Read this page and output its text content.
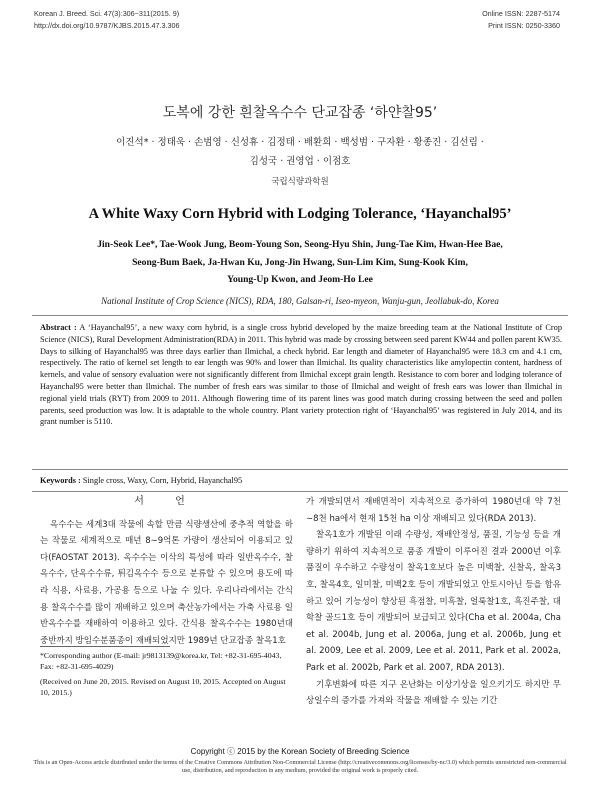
Korean J. Breed. Sci. 47(3):306~311(2015. 9)
http://dx.doi.org/10.9787/KJBS.2015.47.3.306
Online ISSN: 2287-5174
Print ISSN: 0250-3360
도복에 강한 흰찰옥수수 단교잡종 ‘하얀찰95’
이진석* · 정태욱 · 손범영 · 신성휴 · 김정태 · 배환희 · 백성범 · 구자환 · 황종진 · 김선림 ·
김성국 · 권영업 · 이점호
국립식량과학원
A White Waxy Corn Hybrid with Lodging Tolerance, ‘Hayanchal95’
Jin-Seok Lee*, Tae-Wook Jung, Beom-Young Son, Seong-Hyu Shin, Jung-Tae Kim, Hwan-Hee Bae,
Seong-Bum Baek, Ja-Hwan Ku, Jong-Jin Hwang, Sun-Lim Kim, Sung-Kook Kim,
Young-Up Kwon, and Jeom-Ho Lee
National Institute of Crop Science (NICS), RDA, 180, Galsan-ri, Iseo-myeon, Wanju-gun, Jeollabuk-do, Korea
Abstract : A ‘Hayanchal95’, a new waxy corn hybrid, is a single cross hybrid developed by the maize breeding team at the National Institute of Crop Science (NICS), Rural Development Administration(RDA) in 2011. This hybrid was made by crossing between seed parent KW44 and pollen parent KW35. Days to silking of Hayanchal95 was three days earlier than Ilmichal, a check hybrid. Ear length and diameter of Hayanchal95 were 18.3 cm and 4.1 cm, respectively. The ratio of kernel set length to ear length was 90% and lower than Ilmichal. Its quality characteristics like amylopectin content, hardness of kernels, and value of sensory evaluation were not significantly different from Ilmichal except grain length. Resistance to corn borer and lodging tolerance of Hayanchal95 were better than Ilmichal. The number of fresh ears was similar to those of Ilmichal and weight of fresh ears was lower than Ilmichal in regional yield trials (RYT) from 2009 to 2011. Although flowering time of its parent lines was good match during crossing between the seed and pollen parents, seed production was low. It is adaptable to the whole country. Plant variety protection right of ‘Hayanchal95’ was registered in July 2014, and its grant number is 5110.
Keywords : Single cross, Waxy, Corn, Hybrid, Hayanchal95
서 언

옥수수는 세계3대 작물에 속할 만큼 식량생산에 중추적 역할을 하는 작물로 세계적으로 매년 8∼9억톤 가량이 생산되어 이용되고 있다(FAOSTAT 2013). 옥수수는 이삭의 특성에 따라 일반옥수수, 찰옥수수, 단옥수수류, 튀김옥수수 등으로 분류할 수 있으며 용도에 따라 식용, 사료용, 가공용 등으로 나눌 수 있다. 우리나라에서는 간식용 찰옥수수를 많이 재배하고 있으며 축산농가에서는 가축 사료용 일반옥수수를 재배하여 이용하고 있다. 간식용 찰옥수수는 1980년대 중반까지 방임수분품종이 재배되었지만 1989년 단교잡종 찰옥1호

가 개발되면서 재배면적이 지속적으로 증가하여 1980년대 약 7천∼8천 ha에서 현재 15천 ha 이상 재배되고 있다(RDA 2013).

찰옥1호가 개발된 이래 수량성, 재배안정성, 품질, 기능성 등을 개량하기 위하여 지속적으로 품종 개발이 이루어진 결과 2000년 이후 품질이 우수하고 수량성이 찰옥1호보다 높은 미백찰, 신찰옥, 찰옥3호, 찰옥4호, 일미찰, 미백2호 등이 개발되었고 안토시아닌 등을 함유하고 있어 기능성이 향상된 흑점찰, 미흑찰, 얼룩찰1호, 흑진주찰, 대학찰 골드1호 등이 개발되어 보급되고 있다(Cha et al. 2004a, Cha et al. 2004b, Jung et al. 2006a, Jung et al. 2006b, Jung et al. 2009, Lee et al. 2009, Lee et al. 2011, Park et al. 2002a, Park et al. 2002b, Park et al. 2007, RDA 2013).

기후변화에 따른 지구 온난화는 이상기상을 일으키기도 하지만 무상일수의 증가를 가져와 작물을 재배할 수 있는 기간

*Corresponding author (E-mail: jr9813139@korea.kr, Tel: +82-31-695-4043, Fax: +82-31-695-4029)

(Received on June 20, 2015. Revised on August 10, 2015. Accepted on August 10, 2015.)

Copyright ⓒ 2015 by the Korean Society of Breeding Science
This is an Open-Access article distributed under the terms of the Creative Commons Attribution Non-Commercial License (http://creativecommons.org/licenses/by-nc/3.0) which permits unrestricted non-commercial use, distribution, and reproduction in any medium, provided the original work is properly cited.
